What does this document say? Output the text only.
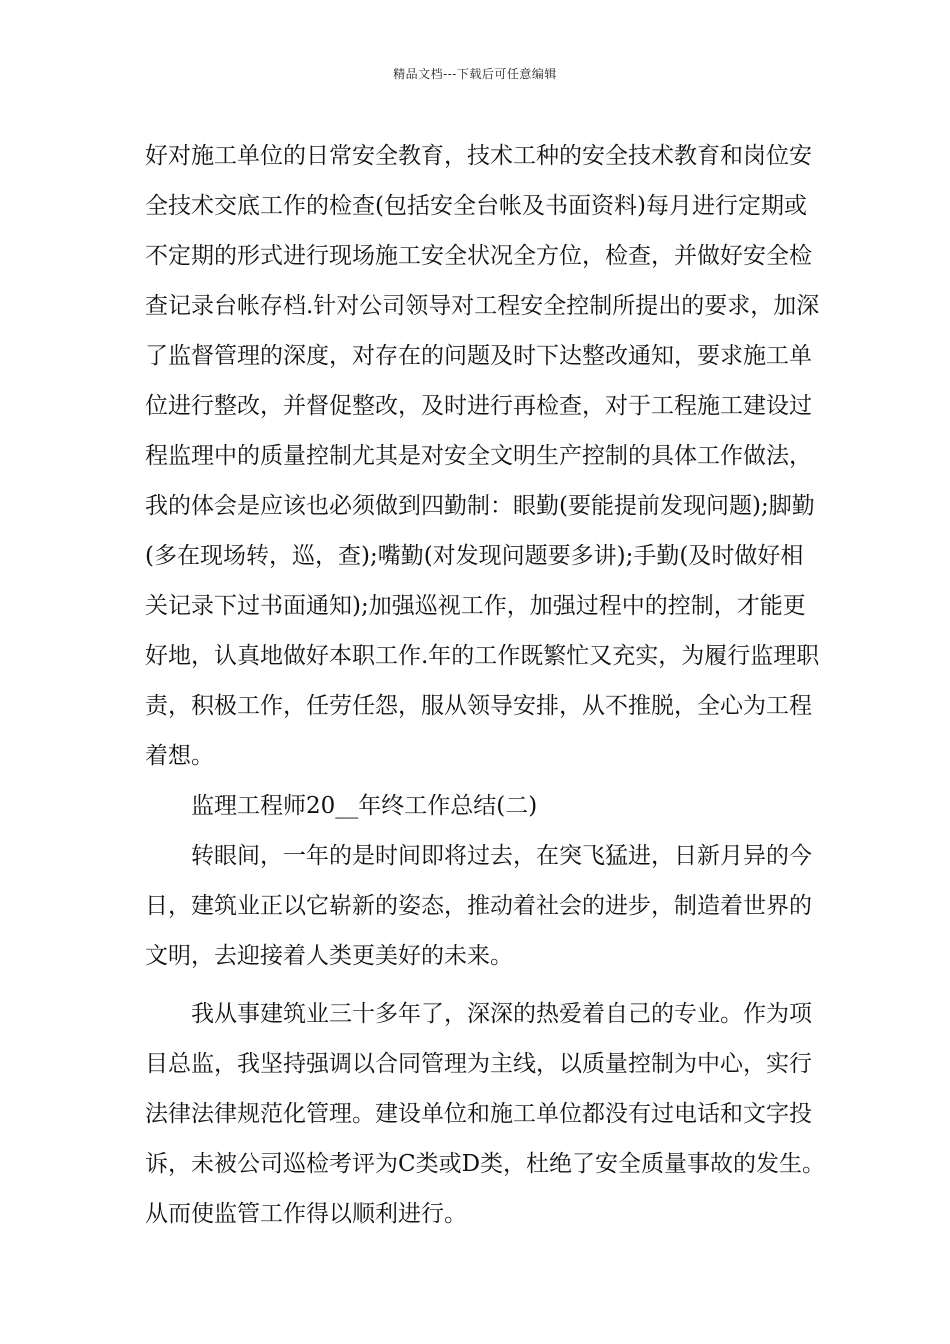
精品文档---下载后可任意编辑
好对施工单位的日常安全教育，技术工种的安全技术教育和岗位安
全技术交底工作的检查(包括安全台帐及书面资料)每月进行定期或
不定期的形式进行现场施工安全状况全方位，检查，并做好安全检
查记录台帐存档.针对公司领导对工程安全控制所提出的要求，加深
了监督管理的深度，对存在的问题及时下达整改通知，要求施工单
位进行整改，并督促整改，及时进行再检查，对于工程施工建设过
程监理中的质量控制尤其是对安全文明生产控制的具体工作做法，
我的体会是应该也必须做到四勤制：眼勤(要能提前发现问题);脚勤
(多在现场转，巡，查);嘴勤(对发现问题要多讲);手勤(及时做好相
关记录下过书面通知);加强巡视工作，加强过程中的控制，才能更
好地，认真地做好本职工作.年的工作既繁忙又充实，为履行监理职
责，积极工作，任劳任怨，服从领导安排，从不推脱，全心为工程
着想。
监理工程师20__年终工作总结(二)
转眼间，一年的是时间即将过去，在突飞猛进，日新月异的今
日，建筑业正以它崭新的姿态，推动着社会的进步，制造着世界的
文明，去迎接着人类更美好的未来。
我从事建筑业三十多年了，深深的热爱着自己的专业。作为项
目总监，我坚持强调以合同管理为主线，以质量控制为中心，实行
法律法律规范化管理。建设单位和施工单位都没有过电话和文字投
诉，未被公司巡检考评为C类或D类，杜绝了安全质量事故的发生。
从而使监管工作得以顺利进行。
